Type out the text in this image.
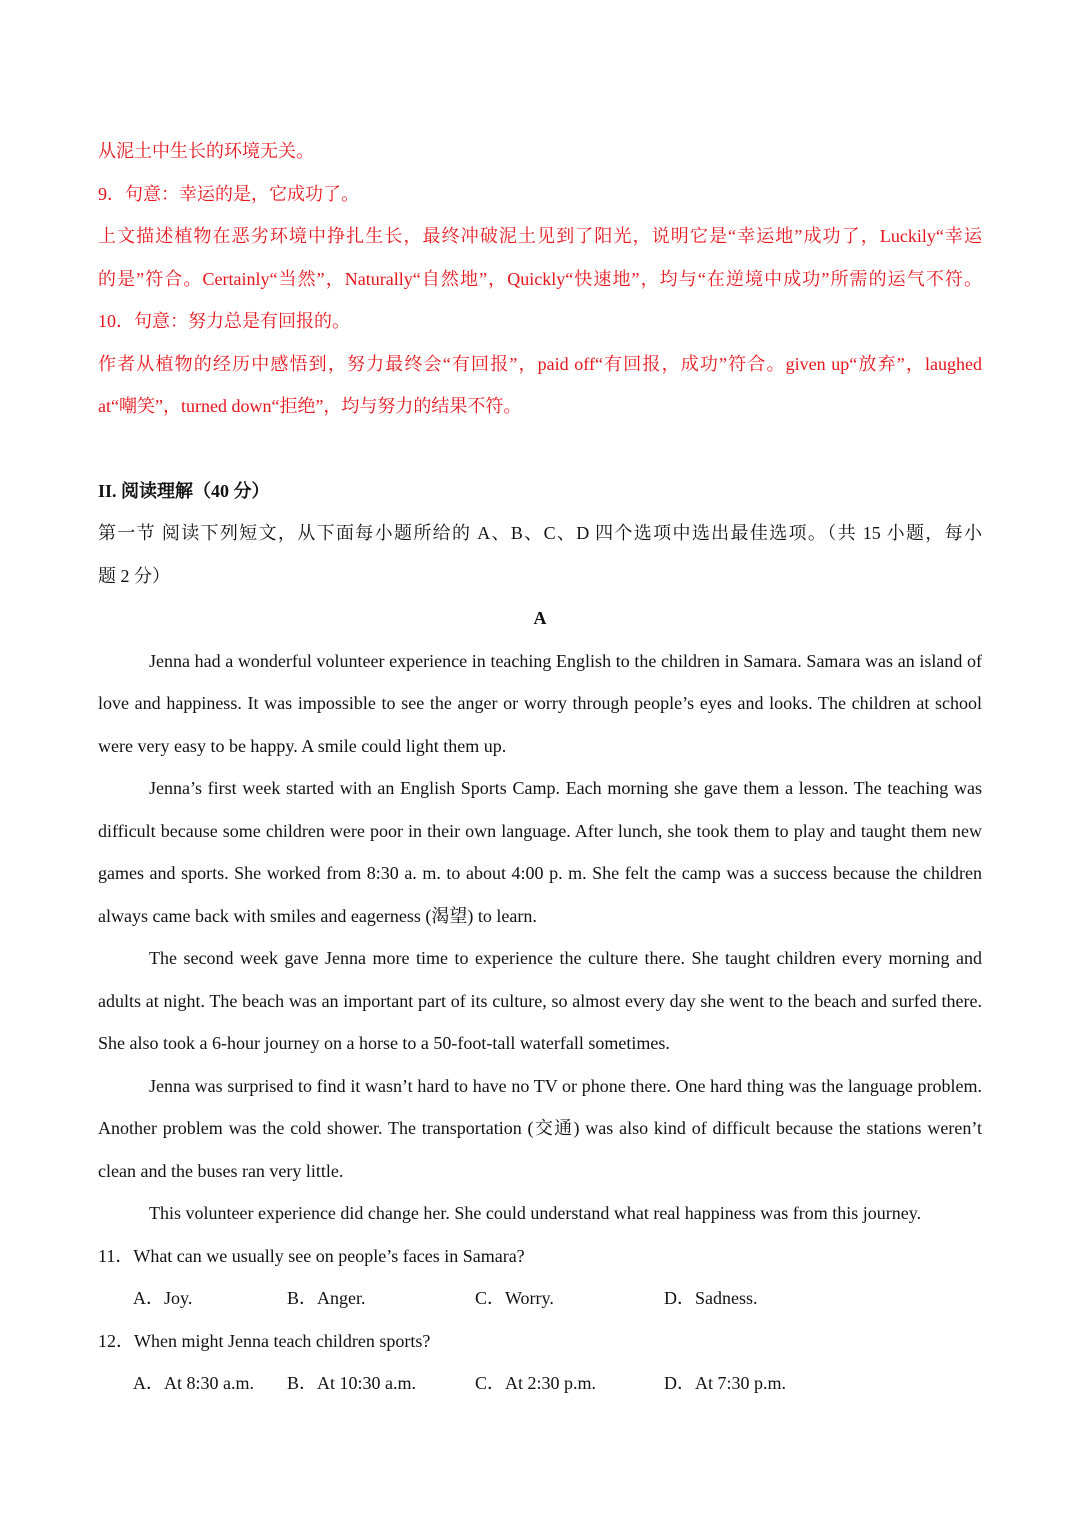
从泥土中生长的环境无关。
9．句意：幸运的是，它成功了。
上文描述植物在恶劣环境中挣扎生长，最终冲破泥土见到了阳光，说明它是“幸运地”成功了，Luckily“幸运
的是”符合。Certainly“当然”，Naturally“自然地”，Quickly“快速地”，均与“在逆境中成功”所需的运气不符。
10．句意：努力总是有回报的。
作者从植物的经历中感悟到，努力最终会“有回报”，paid off“有回报，成功”符合。given up“放弃”，laughed
at“嘲笑”，turned down“拒绝”，均与努力的结果不符。
II. 阅读理解（40 分）
第一节 阅读下列短文，从下面每小题所给的 A、B、C、D 四个选项中选出最佳选项。（共 15 小题，每小
题 2 分）
A

Jenna had a wonderful volunteer experience in teaching English to the children in Samara. Samara was an island of love and happiness. It was impossible to see the anger or worry through people’s eyes and looks. The children at school were very easy to be happy. A smile could light them up.

Jenna’s first week started with an English Sports Camp. Each morning she gave them a lesson. The teaching was difficult because some children were poor in their own language. After lunch, she took them to play and taught them new games and sports. She worked from 8:30 a. m. to about 4:00 p. m. She felt the camp was a success because the children always came back with smiles and eagerness (渴望) to learn.

The second week gave Jenna more time to experience the culture there. She taught children every morning and adults at night. The beach was an important part of its culture, so almost every day she went to the beach and surfed there. She also took a 6-hour journey on a horse to a 50-foot-tall waterfall sometimes.

Jenna was surprised to find it wasn’t hard to have no TV or phone there. One hard thing was the language problem. Another problem was the cold shower. The transportation (交通) was also kind of difficult because the stations weren’t clean and the buses ran very little.

This volunteer experience did change her. She could understand what real happiness was from this journey.

11．What can we usually see on people’s faces in Samara?
A．Joy.	B．Anger.	C．Worry.	D．Sadness.
12．When might Jenna teach children sports?
A．At 8:30 a.m.	B．At 10:30 a.m.	C．At 2:30 p.m.	D．At 7:30 p.m.
